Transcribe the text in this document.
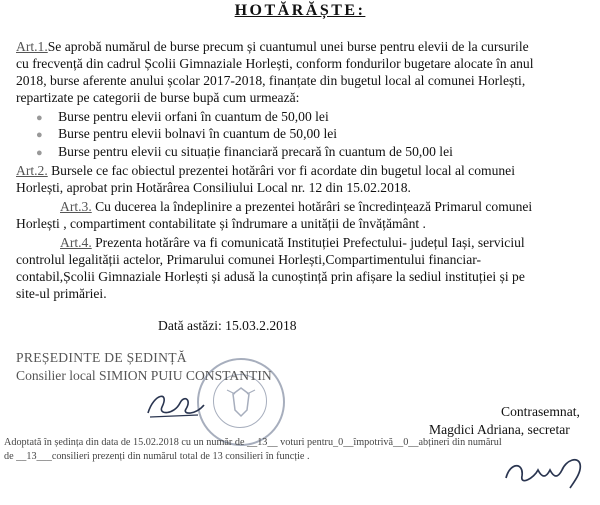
HOTĂRĂȘTE:
Art.1.Se aprobă numărul de burse precum și cuantumul unei burse pentru elevii de la cursurile
cu frecvență din cadrul Școlii Gimnaziale Horlești, conform fondurilor bugetare alocate în anul
2018, burse aferente anului școlar 2017-2018, finanțate din bugetul local al comunei Horlești,
repartizate pe categorii de burse bupă cum urmează:
● Burse pentru elevii orfani în cuantum de 50,00 lei
● Burse pentru elevii bolnavi în cuantum de 50,00 lei
● Burse pentru elevii cu situație financiară precară în cuantum de 50,00 lei
Art.2. Bursele ce fac obiectul prezentei hotărâri vor fi acordate din bugetul local al comunei
Horlești, aprobat prin Hotărârea Consiliului Local nr. 12 din 15.02.2018.
Art.3. Cu ducerea la îndeplinire a prezentei hotărâri se încredințează Primarul comunei
Horlești , compartiment contabilitate și îndrumare a unității de învățământ .
Art.4. Prezenta hotărâre va fi comunicată Instituției Prefectului- județul Iași, serviciul
controlul legalității actelor, Primarului comunei Horlești,Compartimentului financiar-
contabil,Școlii Gimnaziale Horlești și adusă la cunoștință prin afișare la sediul instituției și pe
site-ul primăriei.
Dată astăzi: 15.03.2.2018
PREȘEDINTE DE ȘEDINȚĂ
Consilier local SIMION PUIU CONSTANTIN
Contrasemnat,
Magdici Adriana, secretar
Adoptată în ședința din data de 15.02.2018 cu un număr de __13__ voturi pentru_0__împotrivă__0__abțineri din numărul
de __13___consilieri prezenți din numărul total de 13 consilieri în funcție .
